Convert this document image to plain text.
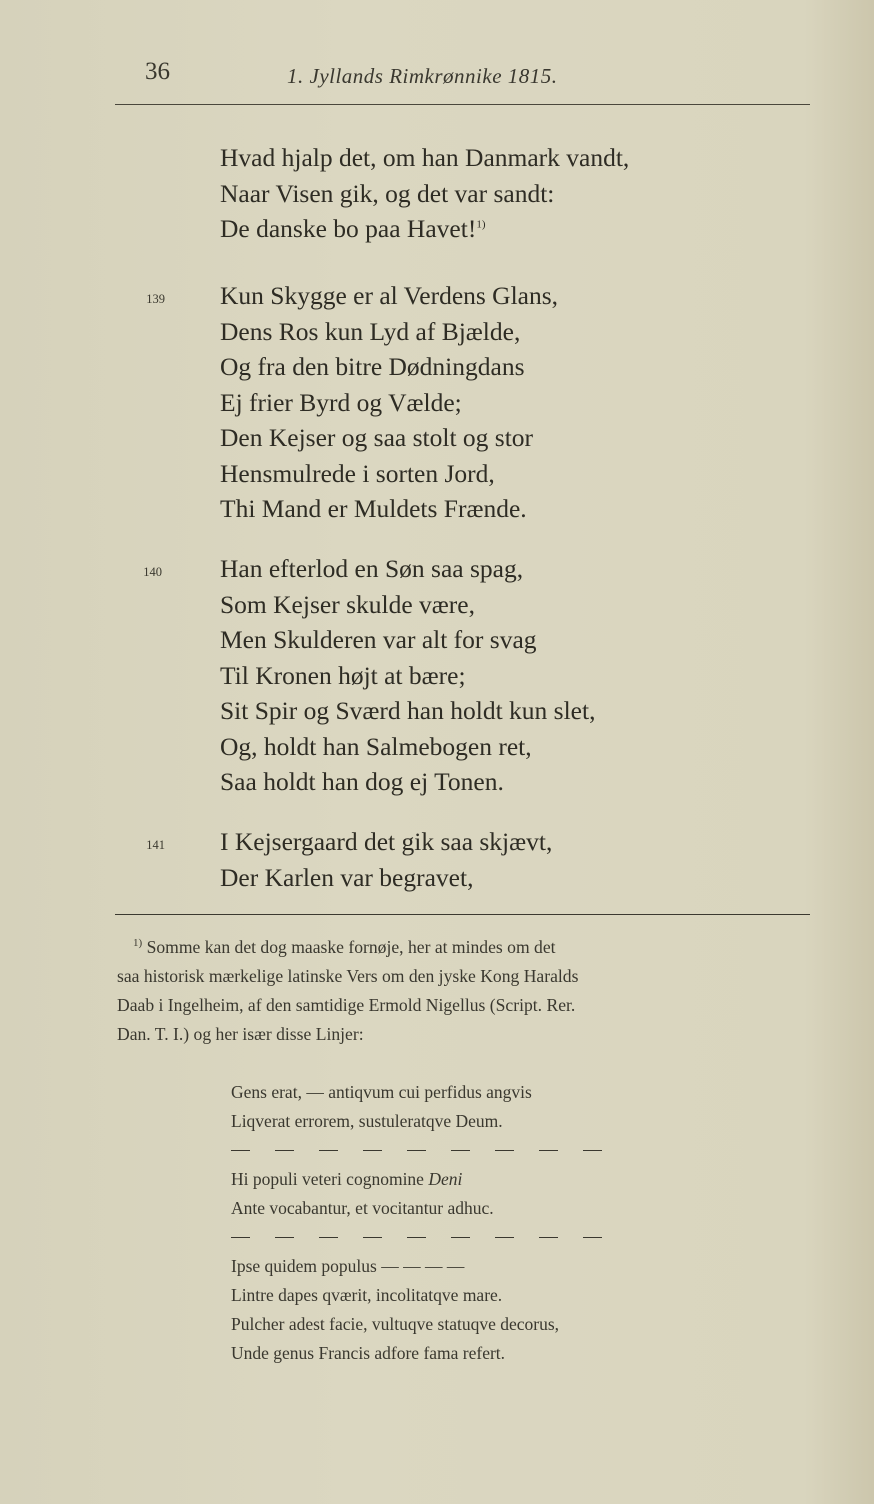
36	1. Jyllands Rimkrønnike 1815.
Hvad hjalp det, om han Danmark vandt,
Naar Visen gik, og det var sandt:
De danske bo paa Havet!$^{1)}$
139 Kun Skygge er al Verdens Glans,
Dens Ros kun Lyd af Bjælde,
Og fra den bitre Dødningdans
Ej frier Byrd og Vælde;
Den Kejser og saa stolt og stor
Hensmulrede i sorten Jord,
Thi Mand er Muldets Frænde.
140 Han efterlod en Søn saa spag,
Som Kejser skulde være,
Men Skulderen var alt for svag
Til Kronen højt at bære;
Sit Spir og Sværd han holdt kun slet,
Og, holdt han Salmebogen ret,
Saa holdt han dog ej Tonen.
141 I Kejsergaard det gik saa skjævt,
Der Karlen var begravet,

$^{1)}$ Somme kan det dog maaske fornøje, her at mindes om det

saa historisk mærkelige latinske Vers om den jyske Kong Haralds

Daab i Ingelheim, af den samtidige Ermold Nigellus (Script. Rer.

Dan. T. I.) og her især disse Linjer:

Gens erat, — antiqvum cui perfidus angvis
Liqverat errorem, sustuleratqve Deum.
Hi populi veteri cognomine Deni
Ante vocabantur, et vocitantur adhuc.
Ipse quidem populus — — — —
Lintre dapes qværit, incolitatqve mare.
Pulcher adest facie, vultuqve statuqve decorus,
Unde genus Francis adfore fama refert.
